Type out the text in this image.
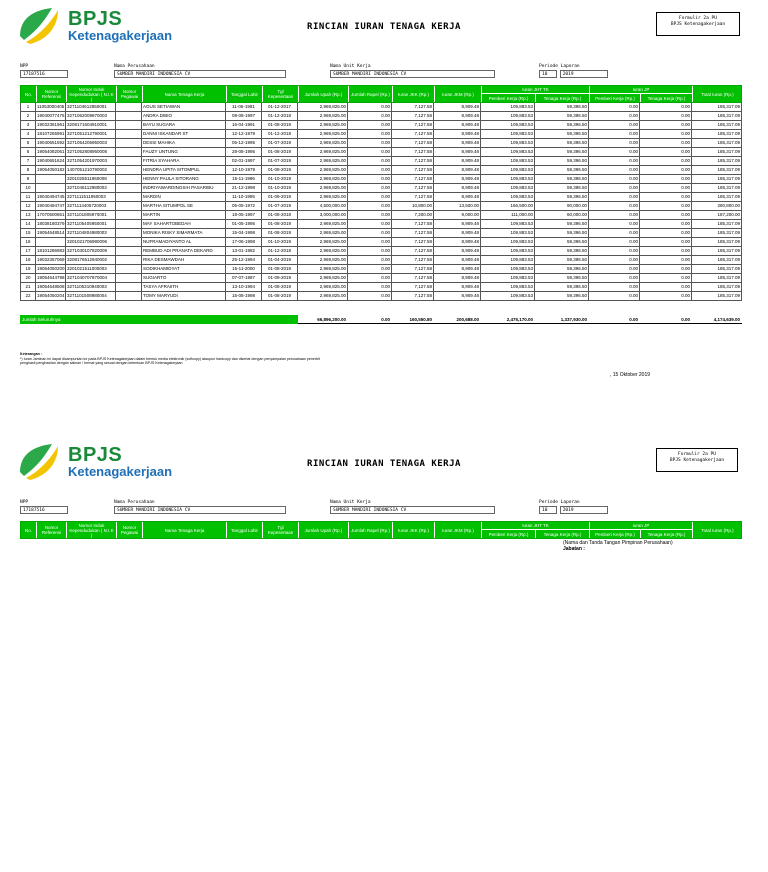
BPJS
Ketenagakerjaan
RINCIAN IURAN TENAGA KERJA
Formulir 2a PU
BPJS Ketenagakerjaan
NPP
17187516
Nama Perusahaan
SUMBER MANDIRI INDONESIA CV
Nama Unit Kerja
SUMBER MANDIRI INDONESIA CV
Periode Laporan
10	2019
No.	Nomor Referensi
Nomor Induk Kependudukan ( N.I.K )
Nomor Pegawai	Nama Tenaga Kerja	Tanggal Lahir	Tgl Kepesertaan	Jumlah Upah (Rp.)	Jumlah Rapel (Rp.)	Iuran JKK (Rp.)	Iuran JKM (Rp.)	Total Iuran (Rp.)
Iuran JHT TK
Pemberi Kerja (Rp.)	Tenaga Kerja (Rp.)
Iuran JP
Pemberi Kerja (Rp.)	Tenaga Kerja (Rp.)
1	11053000405 3271104612850001	AGUS SETIAWAN	11-06-1981	01-12-2017	2,969,825.00	0.00	7,127.58	8,909.48	109,883.53	59,396.50	0.00	0.00	185,317.09
2	19040077475 3271062009870003	ANDRA DIBIO	08-08-1997	01-12-2018	2,969,825.00	0.00	7,127.58	8,909.48	109,883.53	59,396.50	0.00	0.00	185,317.09
3	19032361961 3208171604910001	BAYU SUGARA	16-04-1991	01-08-2019	2,969,825.00	0.00	7,127.58	8,909.48	109,883.53	59,396.50	0.00	0.00	185,317.09
4	18107265991 3271051212790001	DANNI ISKANDAR ST	12-12-1979	01-12-2018	2,969,825.00	0.00	7,127.58	8,909.48	109,883.53	59,396.50	0.00	0.00	185,317.09
5	19040651592 3271054205950003	DESSI MAHIKA	05-12-1995	01-07-2019	2,969,825.00	0.00	7,127.58	8,909.48	109,883.53	59,396.50	0.00	0.00	185,317.09
6	19054082061 3271052808950008	FAUZY UNTUNG	28-08-1995	01-08-2019	2,969,825.00	0.00	7,127.58	8,909.48	109,883.53	59,396.50	0.00	0.00	185,317.09
7	19040651624 3271054201970003	FITRIA SYAHARA	02-01-1997	01-07-2019	2,969,825.00	0.00	7,127.58	8,909.48	109,883.53	59,396.50	0.00	0.00	185,317.09
8	19054050182 1407051210790002	HENDRA UPITA SITOMPUL	12-10-1979	01-08-2019	2,969,825.00	0.00	7,127.58	8,909.48	109,883.53	59,396.50	0.00	0.00	185,317.09
9	3201025511960008	HENNY PAULA SITORANG	15-11-1996	01-10-2019	2,969,825.00	0.00	7,127.58	8,909.48	109,883.53	59,396.50	0.00	0.00	185,317.09
10	3271046112980003	INDRIYAWARDINGSIH PASARIBU	21-12-1998	01-10-2019	2,969,825.00	0.00	7,127.58	8,909.48	109,883.53	59,396.50	0.00	0.00	185,317.09
11	19040494745 3271111511950003	MARDIN	11-10-1995	01-09-2019	2,969,825.00	0.00	7,127.58	8,909.48	109,883.53	59,396.50	0.00	0.00	185,317.09
12	19040494747 3271114405720003	MARTHA SITUMPOL SE	05-05-1972	01-07-2019	4,500,000.00	0.00	10,800.00	13,500.00	166,500.00	90,000.00	0.00	0.00	280,800.00
13	17070500861 3271101805970001	MARTIN	18-05-1997	01-08-2018	3,000,000.00	0.00	7,200.00	9,000.00	111,000.00	60,000.00	0.00	0.00	187,200.00
14	18038180379 3271105405950001	MAY SAHARTOBEDAH	01-05-1995	01-08-2019	2,969,825.00	0.00	7,127.58	8,909.48	109,883.53	59,396.50	0.00	0.00	185,317.09
15	19054648514 3271104804980003	MONIKA RISKY SIMARMATA	15-04-1998	01-08-2019	2,969,825.00	0.00	7,127.58	8,909.48	109,883.53	59,396.50	0.00	0.00	185,317.09
16	3201021706980006	NUFRAMADIYANTO AL	17-06-1998	01-10-2019	2,969,825.00	0.00	7,127.58	8,909.48	109,883.53	59,396.50	0.00	0.00	185,317.09
17	18101286983 3271030107820009	REMBUD ADI PRANATA DEKARD	13-01-1982	01-12-2018	2,969,825.00	0.00	7,127.58	8,909.48	109,883.53	59,396.50	0.00	0.00	185,317.09
18	19032357069 3208176512940002	RIKA DESMAWDAH	25-12-1994	01-04-2019	2,969,825.00	0.00	7,127.58	8,909.48	109,883.53	59,396.50	0.00	0.00	185,317.09
19	19054050200 3201021511000003	SODIKHAMIDYAT	15-11-2000	01-08-2019	2,969,825.00	0.00	7,127.58	8,909.48	109,883.53	59,396.50	0.00	0.00	185,317.09
20	19054644798 3271040707870004	SUGIARTO	07-07-1987	01-09-2019	2,969,825.00	0.00	7,127.58	8,909.48	109,883.53	59,396.50	0.00	0.00	185,317.09
21	19054648508 3271105310940003	TASYA AFRAIITH	13-10-1994	01-08-2019	2,969,825.00	0.00	7,127.58	8,909.48	109,883.53	59,396.50	0.00	0.00	185,317.09
22	19054050204 3271101508980004	TOMY MARYUDI	15-08-1998	01-08-2019	2,969,825.00	0.00	7,127.58	8,909.48	109,883.53	59,396.50	0.00	0.00	185,317.09
Jumlah Seluruhnya	66,896,200.00	0.00	160,550.80	200,688.00	2,475,170.00	1,337,930.00	0.00	0.00	4,174,639.00
Keterangan :
*) Iuran Jaminan ini dapat dicampurkan ke pada BPJS Ketenagakerjaan dalam bentuk media elektronik (softcopy) ataupun hardcopy dan disertai dengan penyampaian perusahaan penerbit penghasil penghasilan dengan salinan / format yang sesuai dengan ketentuan BPJS Ketenagakerjaan
, 15 Oktober 2019
BPJS
Ketenagakerjaan	RINCIAN IURAN TENAGA KERJA
Formulir 2a PU
BPJS Ketenagakerjaan
NPP
17187516
Nama Perusahaan
SUMBER MANDIRI INDONESIA CV
Nama Unit Kerja
SUMBER MANDIRI INDONESIA CV
Periode Laporan
10	2019
No.	Nomor Referensi
Nomor Induk Kependudukan ( N.I.K )
Nomor Pegawai	Nama Tenaga Kerja	Tanggal Lahir	Tgl Kepesertaan	Jumlah Upah (Rp.)	Jumlah Rapel (Rp.)	Iuran JKK (Rp.)	Iuran JKM (Rp.)	Total Iuran (Rp.)
Iuran JHT TK
Pemberi Kerja (Rp.)	Tenaga Kerja (Rp.)
Iuran JP
Pemberi Kerja (Rp.)	Tenaga Kerja (Rp.)
(Nama dan Tanda Tangan Pimpinan Perusahaan)
Jabatan :
